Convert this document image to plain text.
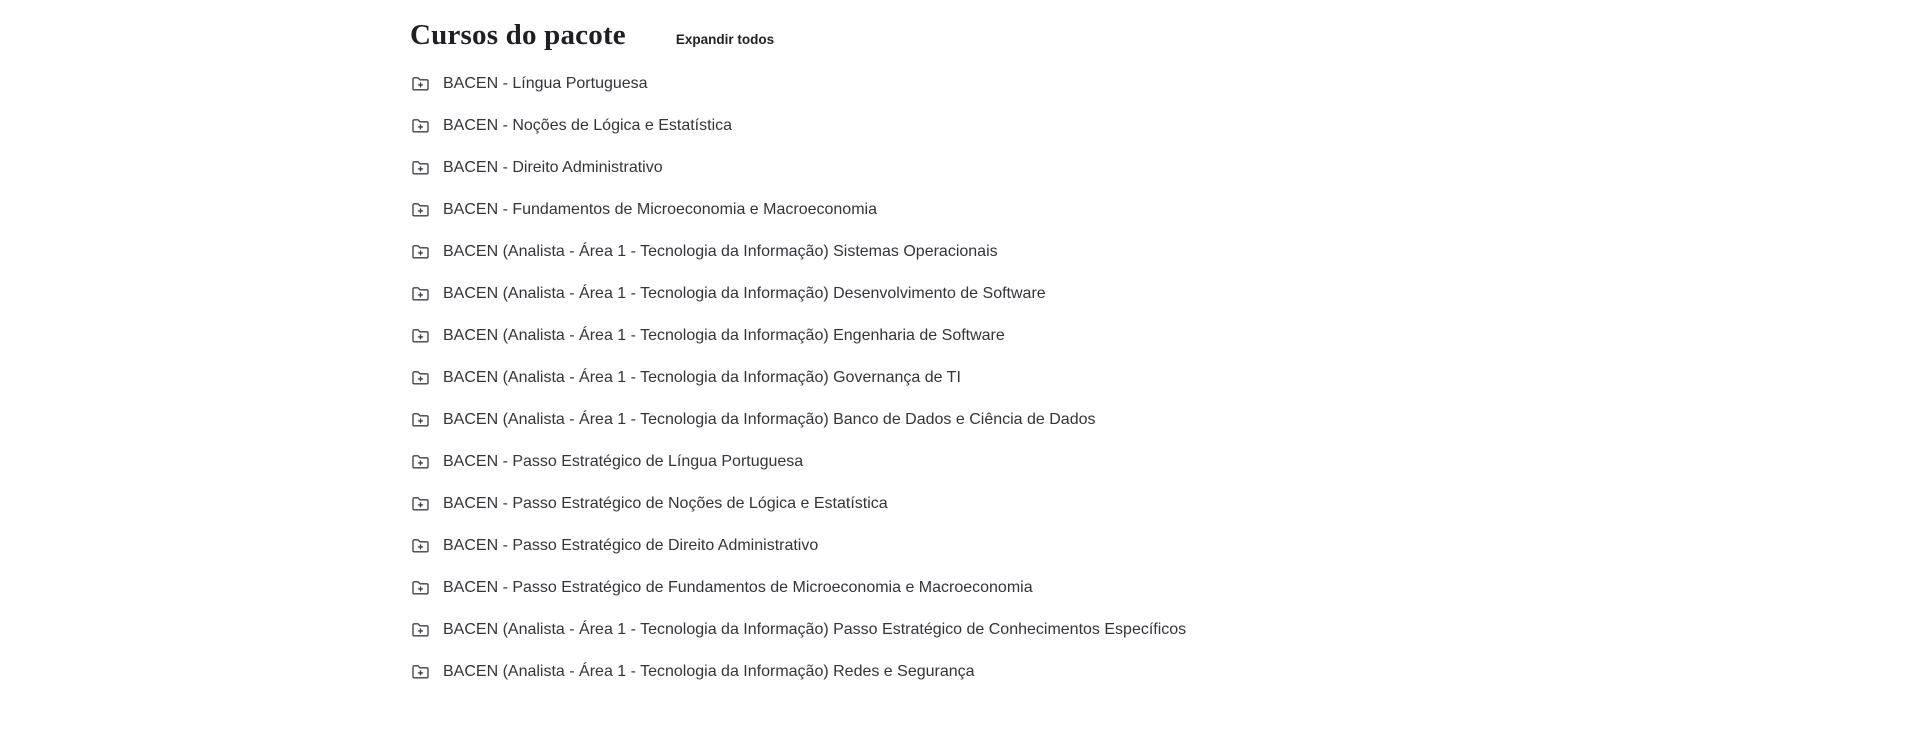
Cursos do pacote	Expandir todos
BACEN - Língua Portuguesa
BACEN - Noções de Lógica e Estatística
BACEN - Direito Administrativo
BACEN - Fundamentos de Microeconomia e Macroeconomia
BACEN (Analista - Área 1 - Tecnologia da Informação) Sistemas Operacionais
BACEN (Analista - Área 1 - Tecnologia da Informação) Desenvolvimento de Software
BACEN (Analista - Área 1 - Tecnologia da Informação) Engenharia de Software
BACEN (Analista - Área 1 - Tecnologia da Informação) Governança de TI
BACEN (Analista - Área 1 - Tecnologia da Informação) Banco de Dados e Ciência de Dados
BACEN - Passo Estratégico de Língua Portuguesa
BACEN - Passo Estratégico de Noções de Lógica e Estatística
BACEN - Passo Estratégico de Direito Administrativo
BACEN - Passo Estratégico de Fundamentos de Microeconomia e Macroeconomia
BACEN (Analista - Área 1 - Tecnologia da Informação) Passo Estratégico de Conhecimentos Específicos
BACEN (Analista - Área 1 - Tecnologia da Informação) Redes e Segurança
